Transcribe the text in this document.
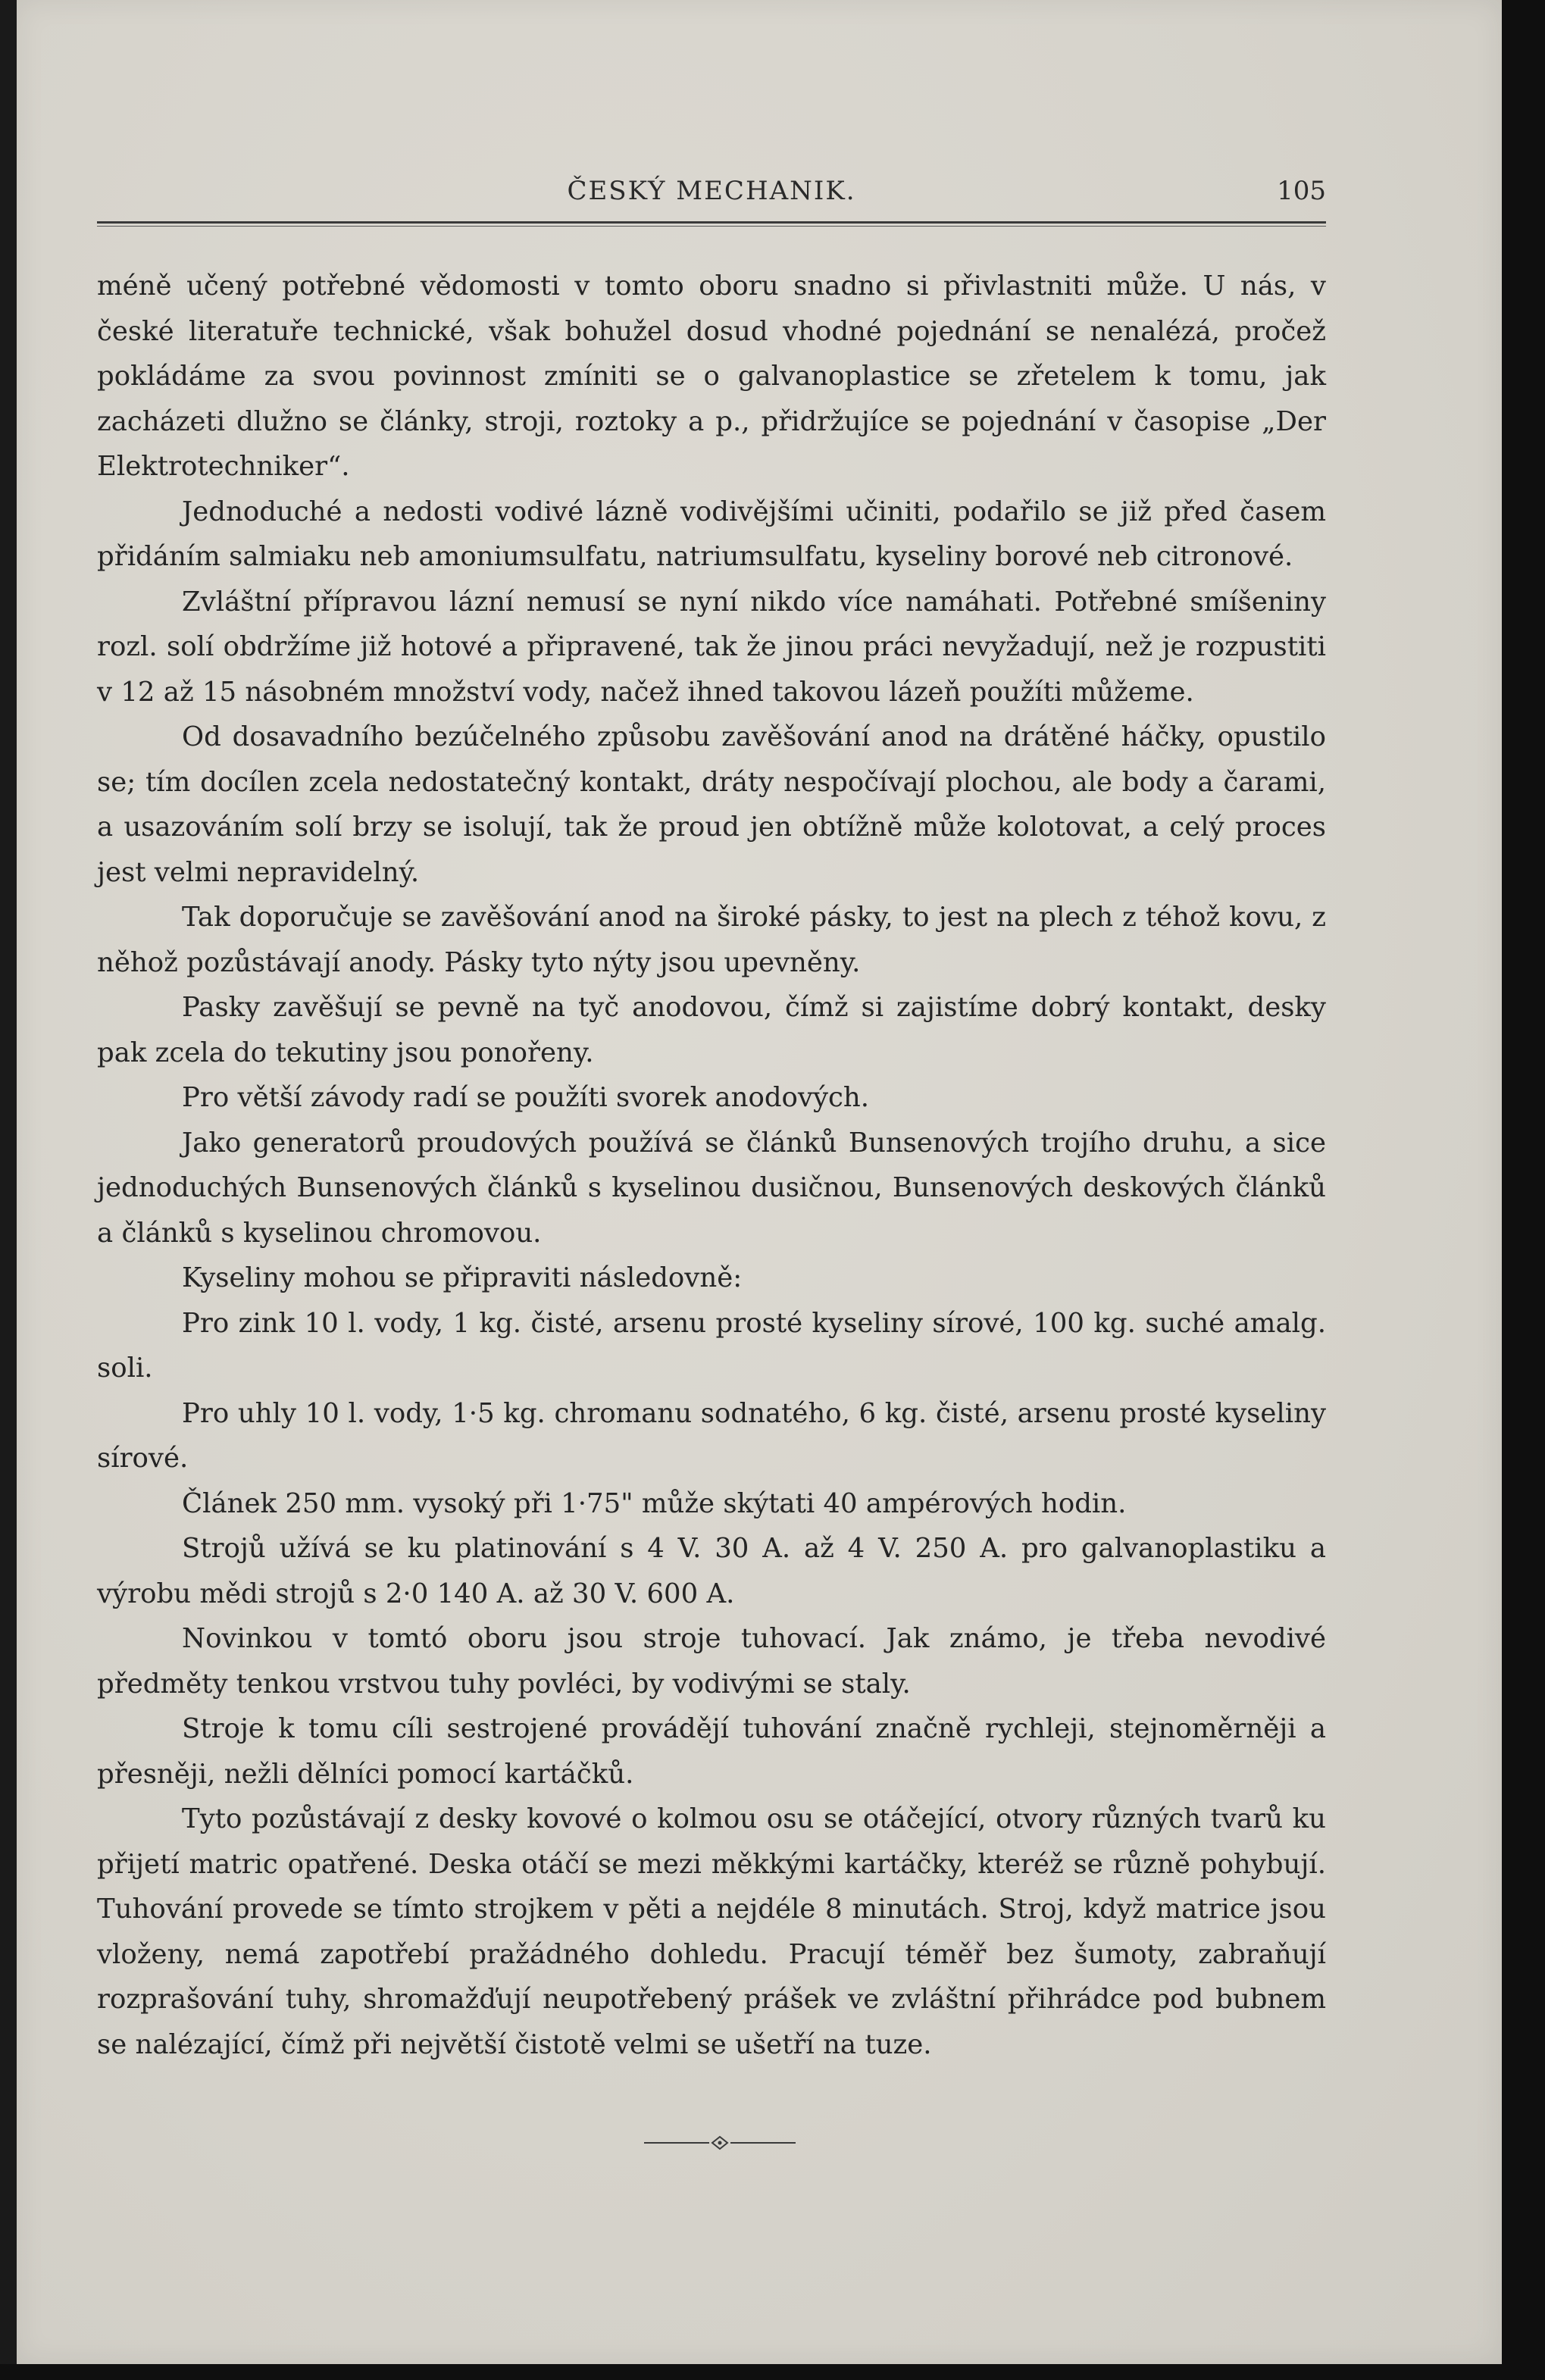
ČESKÝ MECHANIK.	105

méně učený potřebné vědomosti v tomto oboru snadno si přivlastniti může. U nás, v české literatuře technické, však bohužel dosud vhodné pojednání se nenalézá, pročež pokládáme za svou povinnost zmíniti se o galvanoplastice se zřetelem k tomu, jak zacházeti dlužno se články, stroji, roztoky a p., přidržujíce se pojednání v časopise „Der Elektrotechniker“.

Jednoduché a nedosti vodivé lázně vodivějšími učiniti, podařilo se již před časem přidáním salmiaku neb amoniumsulfatu, natriumsulfatu, kyseliny borové neb citronové.

Zvláštní přípravou lázní nemusí se nyní nikdo více namáhati. Potřebné smíšeniny rozl. solí obdržíme již hotové a připravené, tak že jinou práci nevyžadují, než je rozpustiti v 12 až 15 násobném množství vody, načež ihned takovou lázeň použíti můžeme.

Od dosavadního bezúčelného způsobu zavěšování anod na drátěné háčky, opustilo se; tím docílen zcela nedostatečný kontakt, dráty nespočívají plochou, ale body a čarami, a usazováním solí brzy se isolují, tak že proud jen obtížně může kolotovat, a celý proces jest velmi nepravidelný.

Tak doporučuje se zavěšování anod na široké pásky, to jest na plech z téhož kovu, z něhož pozůstávají anody. Pásky tyto nýty jsou upevněny.

Pasky zavěšují se pevně na tyč anodovou, čímž si zajistíme dobrý kontakt, desky pak zcela do tekutiny jsou ponořeny.

Pro větší závody radí se použíti svorek anodových.

Jako generatorů proudových používá se článků Bunsenových trojího druhu, a sice jednoduchých Bunsenových článků s kyselinou dusičnou, Bunsenových deskových článků a článků s kyselinou chromovou.

Kyseliny mohou se připraviti následovně:

Pro zink 10 l. vody, 1 kg. čisté, arsenu prosté kyseliny sírové, 100 kg. suché amalg. soli.

Pro uhly 10 l. vody, 1·5 kg. chromanu sodnatého, 6 kg. čisté, arsenu prosté kyseliny sírové.

Článek 250 mm. vysoký při 1·75" může skýtati 40 ampérových hodin.

Strojů užívá se ku platinování s 4 V. 30 A. až 4 V. 250 A. pro galvanoplastiku a výrobu mědi strojů s 2·0 140 A. až 30 V. 600 A.

Novinkou v tomtó oboru jsou stroje tuhovací. Jak známo, je třeba nevodivé předměty tenkou vrstvou tuhy povléci, by vodivými se staly.

Stroje k tomu cíli sestrojené provádějí tuhování značně rychleji, stejnoměrněji a přesněji, nežli dělníci pomocí kartáčků.

Tyto pozůstávají z desky kovové o kolmou osu se otáčející, otvory různých tvarů ku přijetí matric opatřené. Deska otáčí se mezi měkkými kartáčky, kteréž se různě pohybují. Tuhování provede se tímto strojkem v pěti a nejdéle 8 minutách. Stroj, když matrice jsou vloženy, nemá zapotřebí pražádného dohledu. Pracují téměř bez šumoty, zabraňují rozprašování tuhy, shromažďují neupotřebený prášek ve zvláštní přihrádce pod bubnem se nalézající, čímž při největší čistotě velmi se ušetří na tuze.
